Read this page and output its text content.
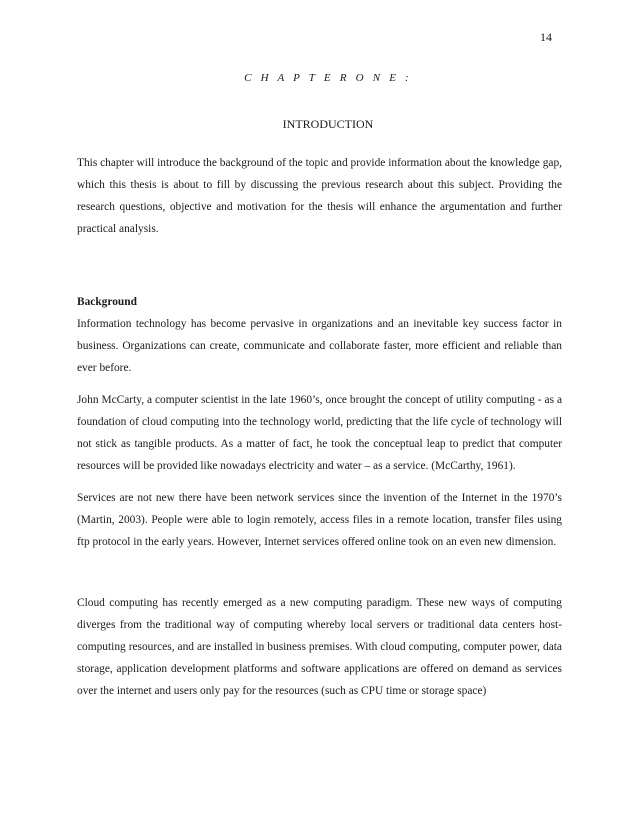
14
C H A P T E R O N E :
INTRODUCTION

This chapter will introduce the background of the topic and provide information about the knowledge gap, which this thesis is about to fill by discussing the previous research about this subject. Providing the research questions, objective and motivation for the thesis will enhance the argumentation and further practical analysis.

Background

Information technology has become pervasive in organizations and an inevitable key success factor in business. Organizations can create, communicate and collaborate faster, more efficient and reliable than ever before.

John McCarty, a computer scientist in the late 1960’s, once brought the concept of utility computing - as a foundation of cloud computing into the technology world, predicting that the life cycle of technology will not stick as tangible products. As a matter of fact, he took the conceptual leap to predict that computer resources will be provided like nowadays electricity and water – as a service. (McCarthy, 1961).

Services are not new there have been network services since the invention of the Internet in the 1970’s (Martin, 2003). People were able to login remotely, access files in a remote location, transfer files using ftp protocol in the early years. However, Internet services offered online took on an even new dimension.

Cloud computing has recently emerged as a new computing paradigm. These new ways of computing diverges from the traditional way of computing whereby local servers or traditional data centers host-computing resources, and are installed in business premises. With cloud computing, computer power, data storage, application development platforms and software applications are offered on demand as services over the internet and users only pay for the resources (such as CPU time or storage space)
